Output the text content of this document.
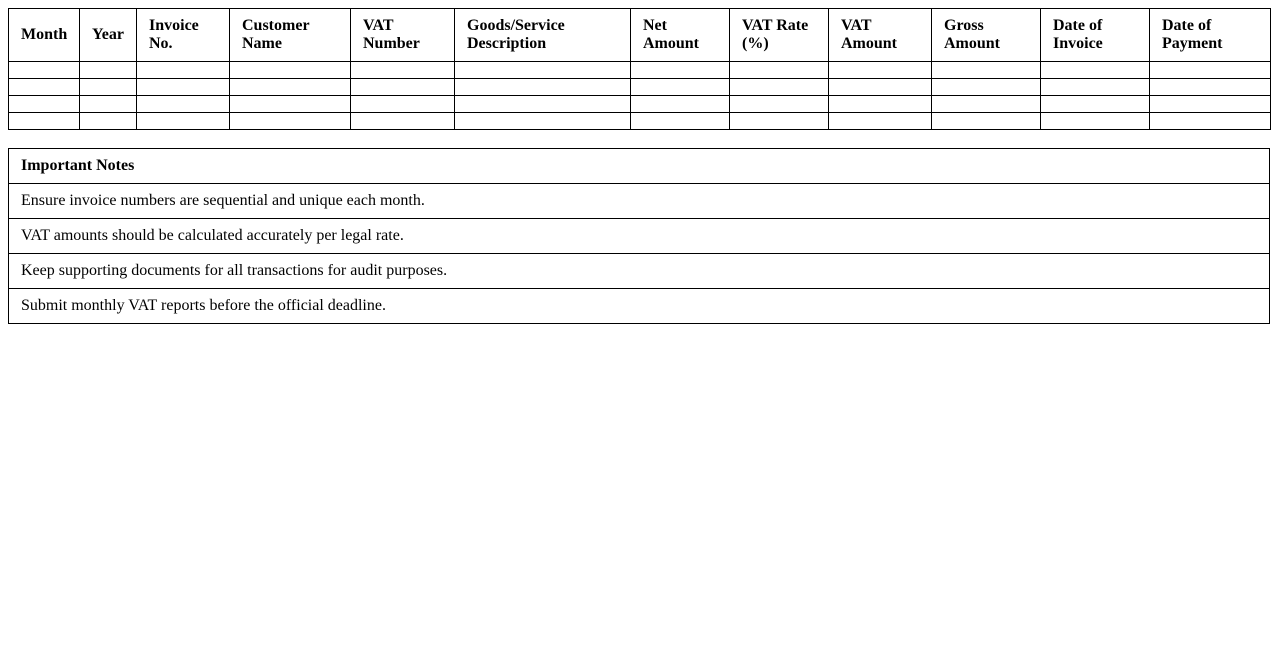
Month	Year	Invoice No.	Customer Name	VAT Number	Goods/Service Description	Net Amount	VAT Rate (%)	VAT Amount	Gross Amount	Date of Invoice	Date of Payment

Important Notes
Ensure invoice numbers are sequential and unique each month.
VAT amounts should be calculated accurately per legal rate.
Keep supporting documents for all transactions for audit purposes.
Submit monthly VAT reports before the official deadline.
